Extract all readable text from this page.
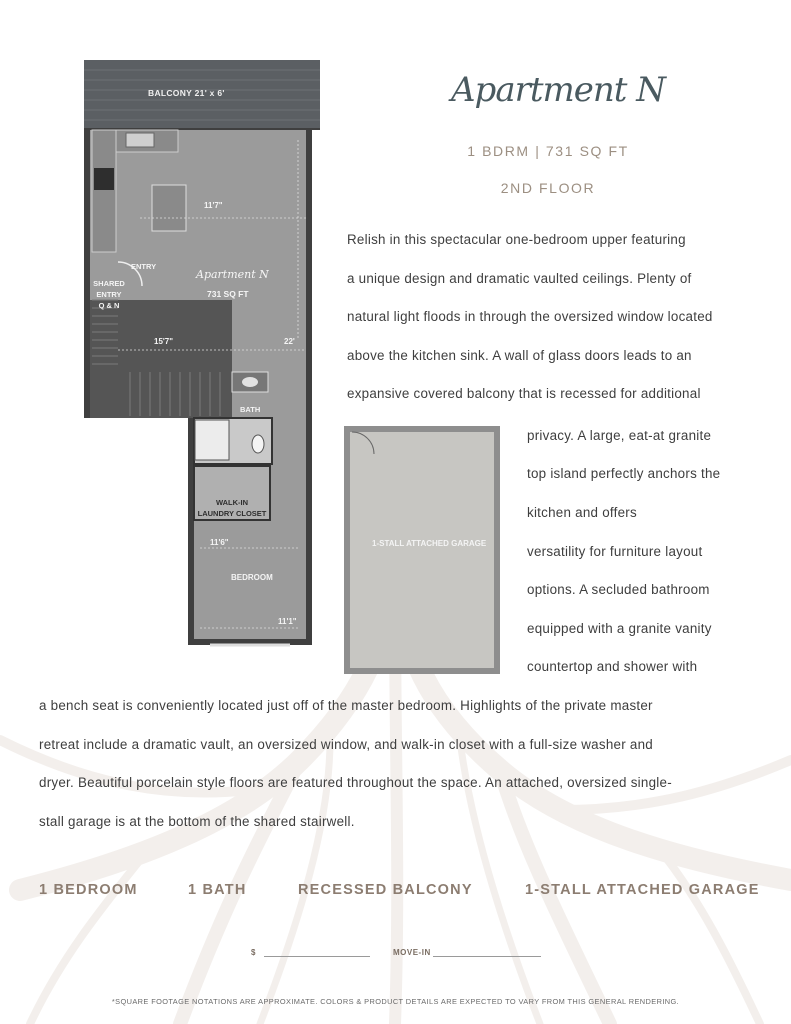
BALCONY 21' x 6'
11'7"
ENTRY
SHARED
ENTRY
Q & N
Apartment N
731 SQ FT
15'7"	22'
BATH
WALK-IN
LAUNDRY CLOSET
11'6"
BEDROOM
11'1"
1-STALL ATTACHED GARAGE
Apartment N
1 BDRM | 731 SQ FT
2ND FLOOR
Relish in this spectacular one-bedroom upper featuring
a unique design and dramatic vaulted ceilings. Plenty of
natural light floods in through the oversized window located
above the kitchen sink. A wall of glass doors leads to an
expansive covered balcony that is recessed for additional
privacy. A large, eat-at granite
top island perfectly anchors the
kitchen and offers
versatility for furniture layout
options. A secluded bathroom
equipped with a granite vanity
countertop and shower with
a bench seat is conveniently located just off of the master bedroom. Highlights of the private master
retreat include a dramatic vault, an oversized window, and walk-in closet with a full-size washer and
dryer. Beautiful porcelain style floors are featured throughout the space. An attached, oversized single-
stall garage is at the bottom of the shared stairwell.
1 BEDROOM	1 BATH	RECESSED BALCONY	1-STALL ATTACHED GARAGE
$	MOVE-IN
*SQUARE FOOTAGE NOTATIONS ARE APPROXIMATE. COLORS & PRODUCT DETAILS ARE EXPECTED TO VARY FROM THIS GENERAL RENDERING.
